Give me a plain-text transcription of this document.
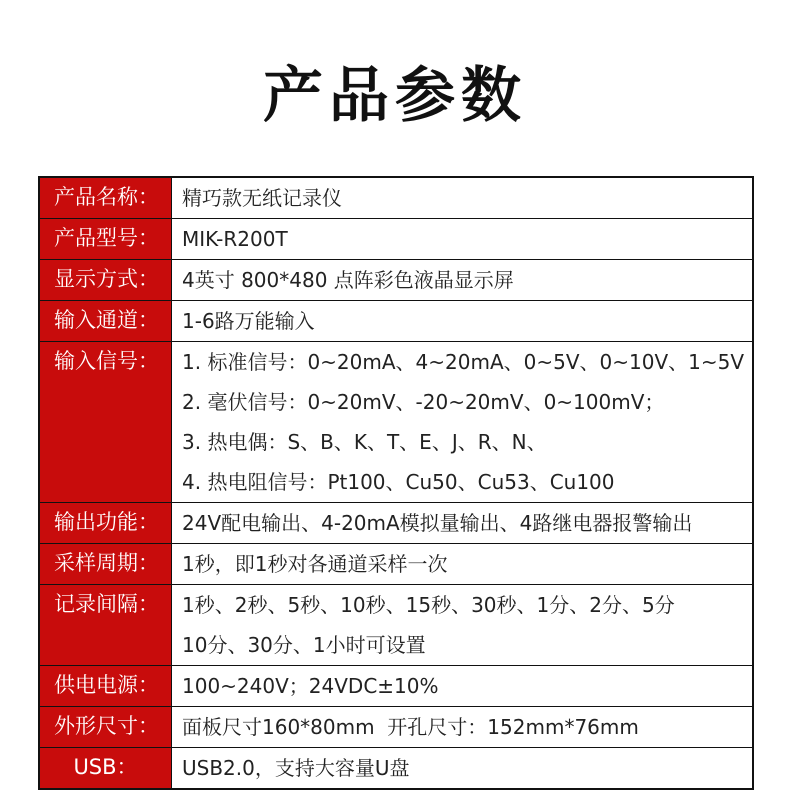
产品参数
产品名称： 精巧款无纸记录仪
产品型号： MIK-R200T
显示方式： 4英寸 800*480 点阵彩色液晶显示屏
输入通道： 1-6路万能输入
输入信号： 1. 标准信号：0~20mA、4~20mA、0~5V、0~10V、1~5V
2. 毫伏信号：0~20mV、-20~20mV、0~100mV；
3. 热电偶：S、B、K、T、E、J、R、N、
4. 热电阻信号：Pt100、Cu50、Cu53、Cu100
输出功能： 24V配电输出、4-20mA模拟量输出、4路继电器报警输出
采样周期： 1秒，即1秒对各通道采样一次
记录间隔： 1秒、2秒、5秒、10秒、15秒、30秒、1分、2分、5分
10分、30分、1小时可设置
供电电源： 100~240V；24VDC±10%
外形尺寸： 面板尺寸160*80mm  开孔尺寸：152mm*76mm
USB： USB2.0，支持大容量U盘
